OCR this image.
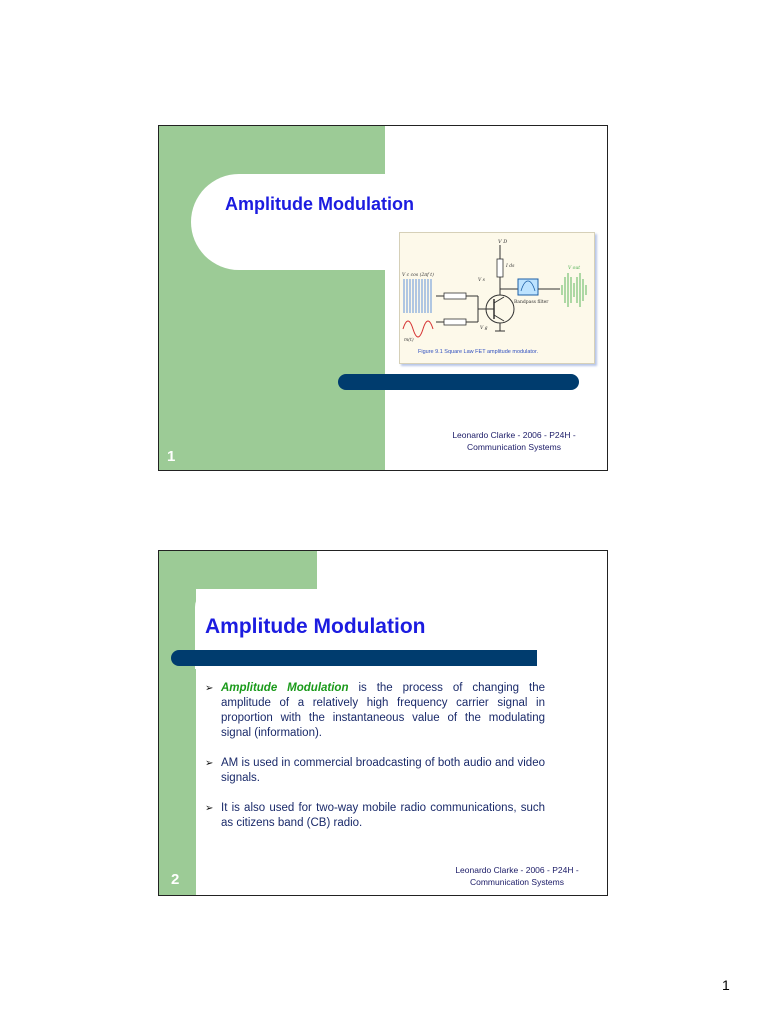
Amplitude Modulation
V D
I ds
V c cos (2πf t)
m(t)
V s
V out
Bandpass filter
V g
Figure 9.1 Square Law FET amplitude modulator.
1
Leonardo Clarke - 2006 - P24H -
Communication Systems
Amplitude Modulation
➢ Amplitude Modulation is the process of changing the amplitude of a relatively high frequency carrier signal in proportion with the instantaneous value of the modulating signal (information).
➢ AM is used in commercial broadcasting of both audio and video signals.
➢ It is also used for two-way mobile radio communications, such as citizens band (CB) radio.
2
Leonardo Clarke - 2006 - P24H -
Communication Systems
1
